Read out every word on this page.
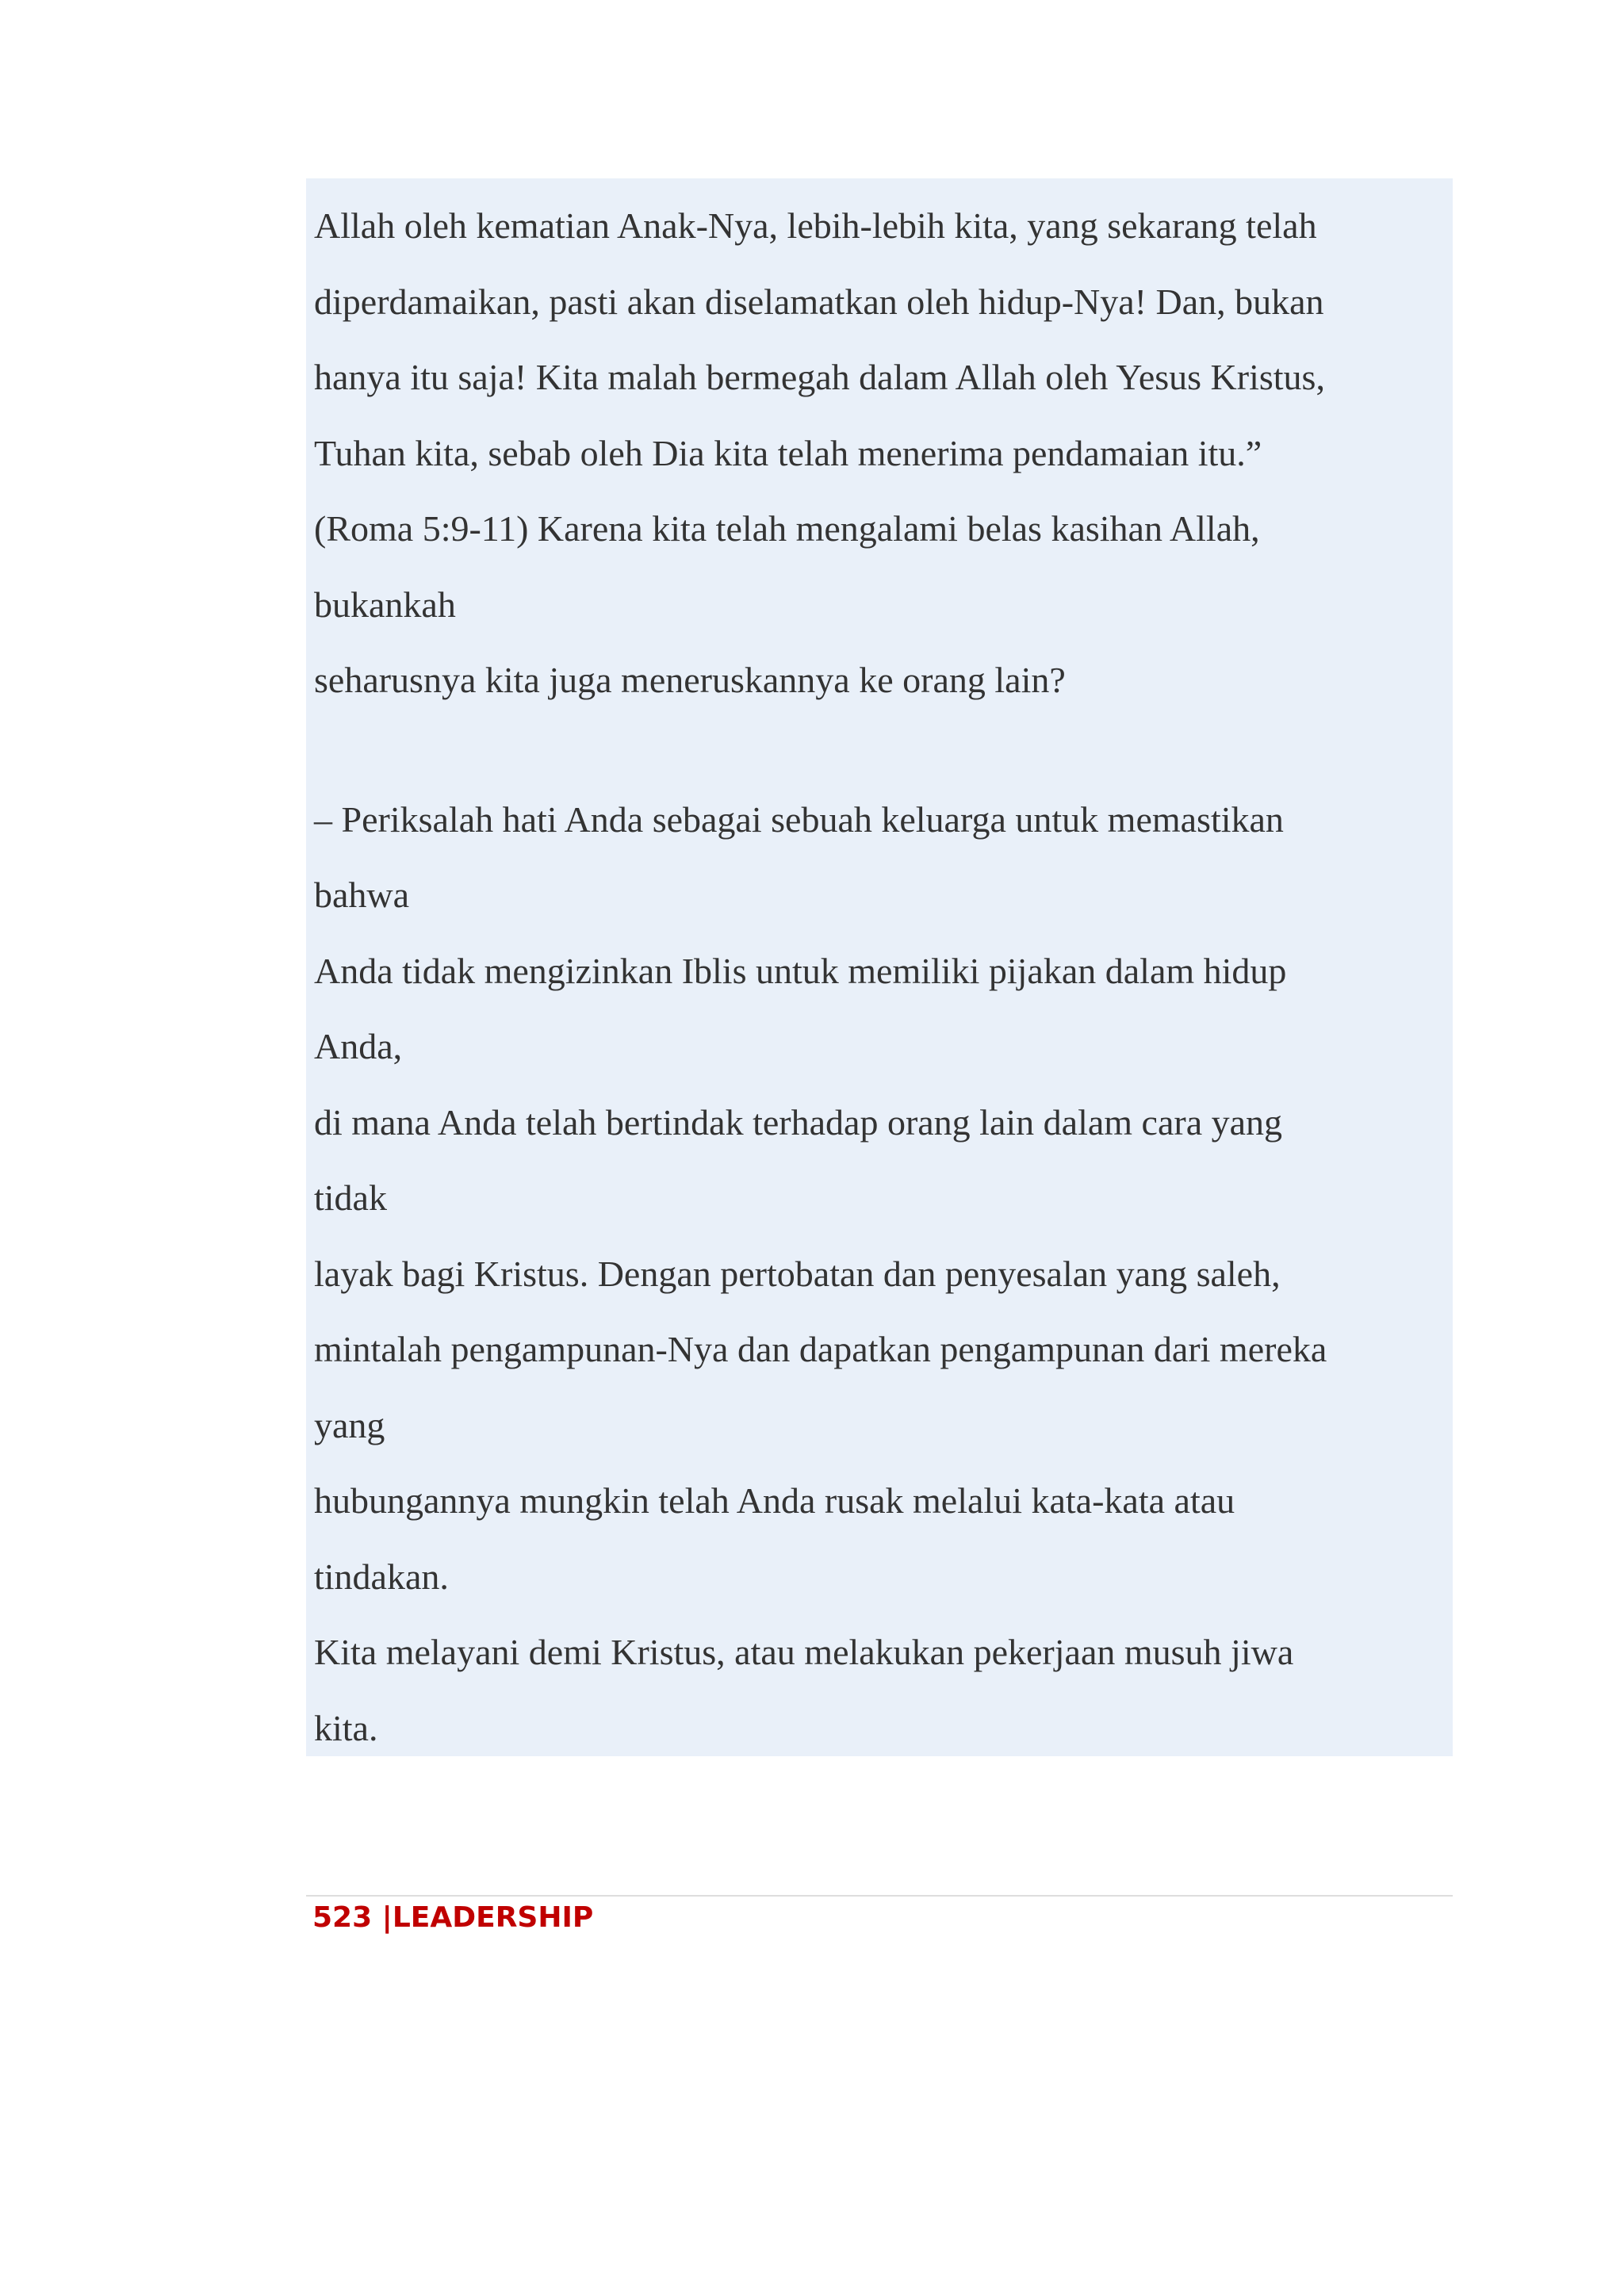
Allah oleh kematian Anak-Nya, lebih-lebih kita, yang sekarang telah
diperdamaikan, pasti akan diselamatkan oleh hidup-Nya! Dan, bukan
hanya itu saja! Kita malah bermegah dalam Allah oleh Yesus Kristus,
Tuhan kita, sebab oleh Dia kita telah menerima pendamaian itu.”
(Roma 5:9-11) Karena kita telah mengalami belas kasihan Allah,
bukankah
seharusnya kita juga meneruskannya ke orang lain?
– Periksalah hati Anda sebagai sebuah keluarga untuk memastikan
bahwa
Anda tidak mengizinkan Iblis untuk memiliki pijakan dalam hidup
Anda,
di mana Anda telah bertindak terhadap orang lain dalam cara yang
tidak
layak bagi Kristus. Dengan pertobatan dan penyesalan yang saleh,
mintalah pengampunan-Nya dan dapatkan pengampunan dari mereka
yang
hubungannya mungkin telah Anda rusak melalui kata-kata atau
tindakan.
Kita melayani demi Kristus, atau melakukan pekerjaan musuh jiwa
kita.
523 |LEADERSHIP
